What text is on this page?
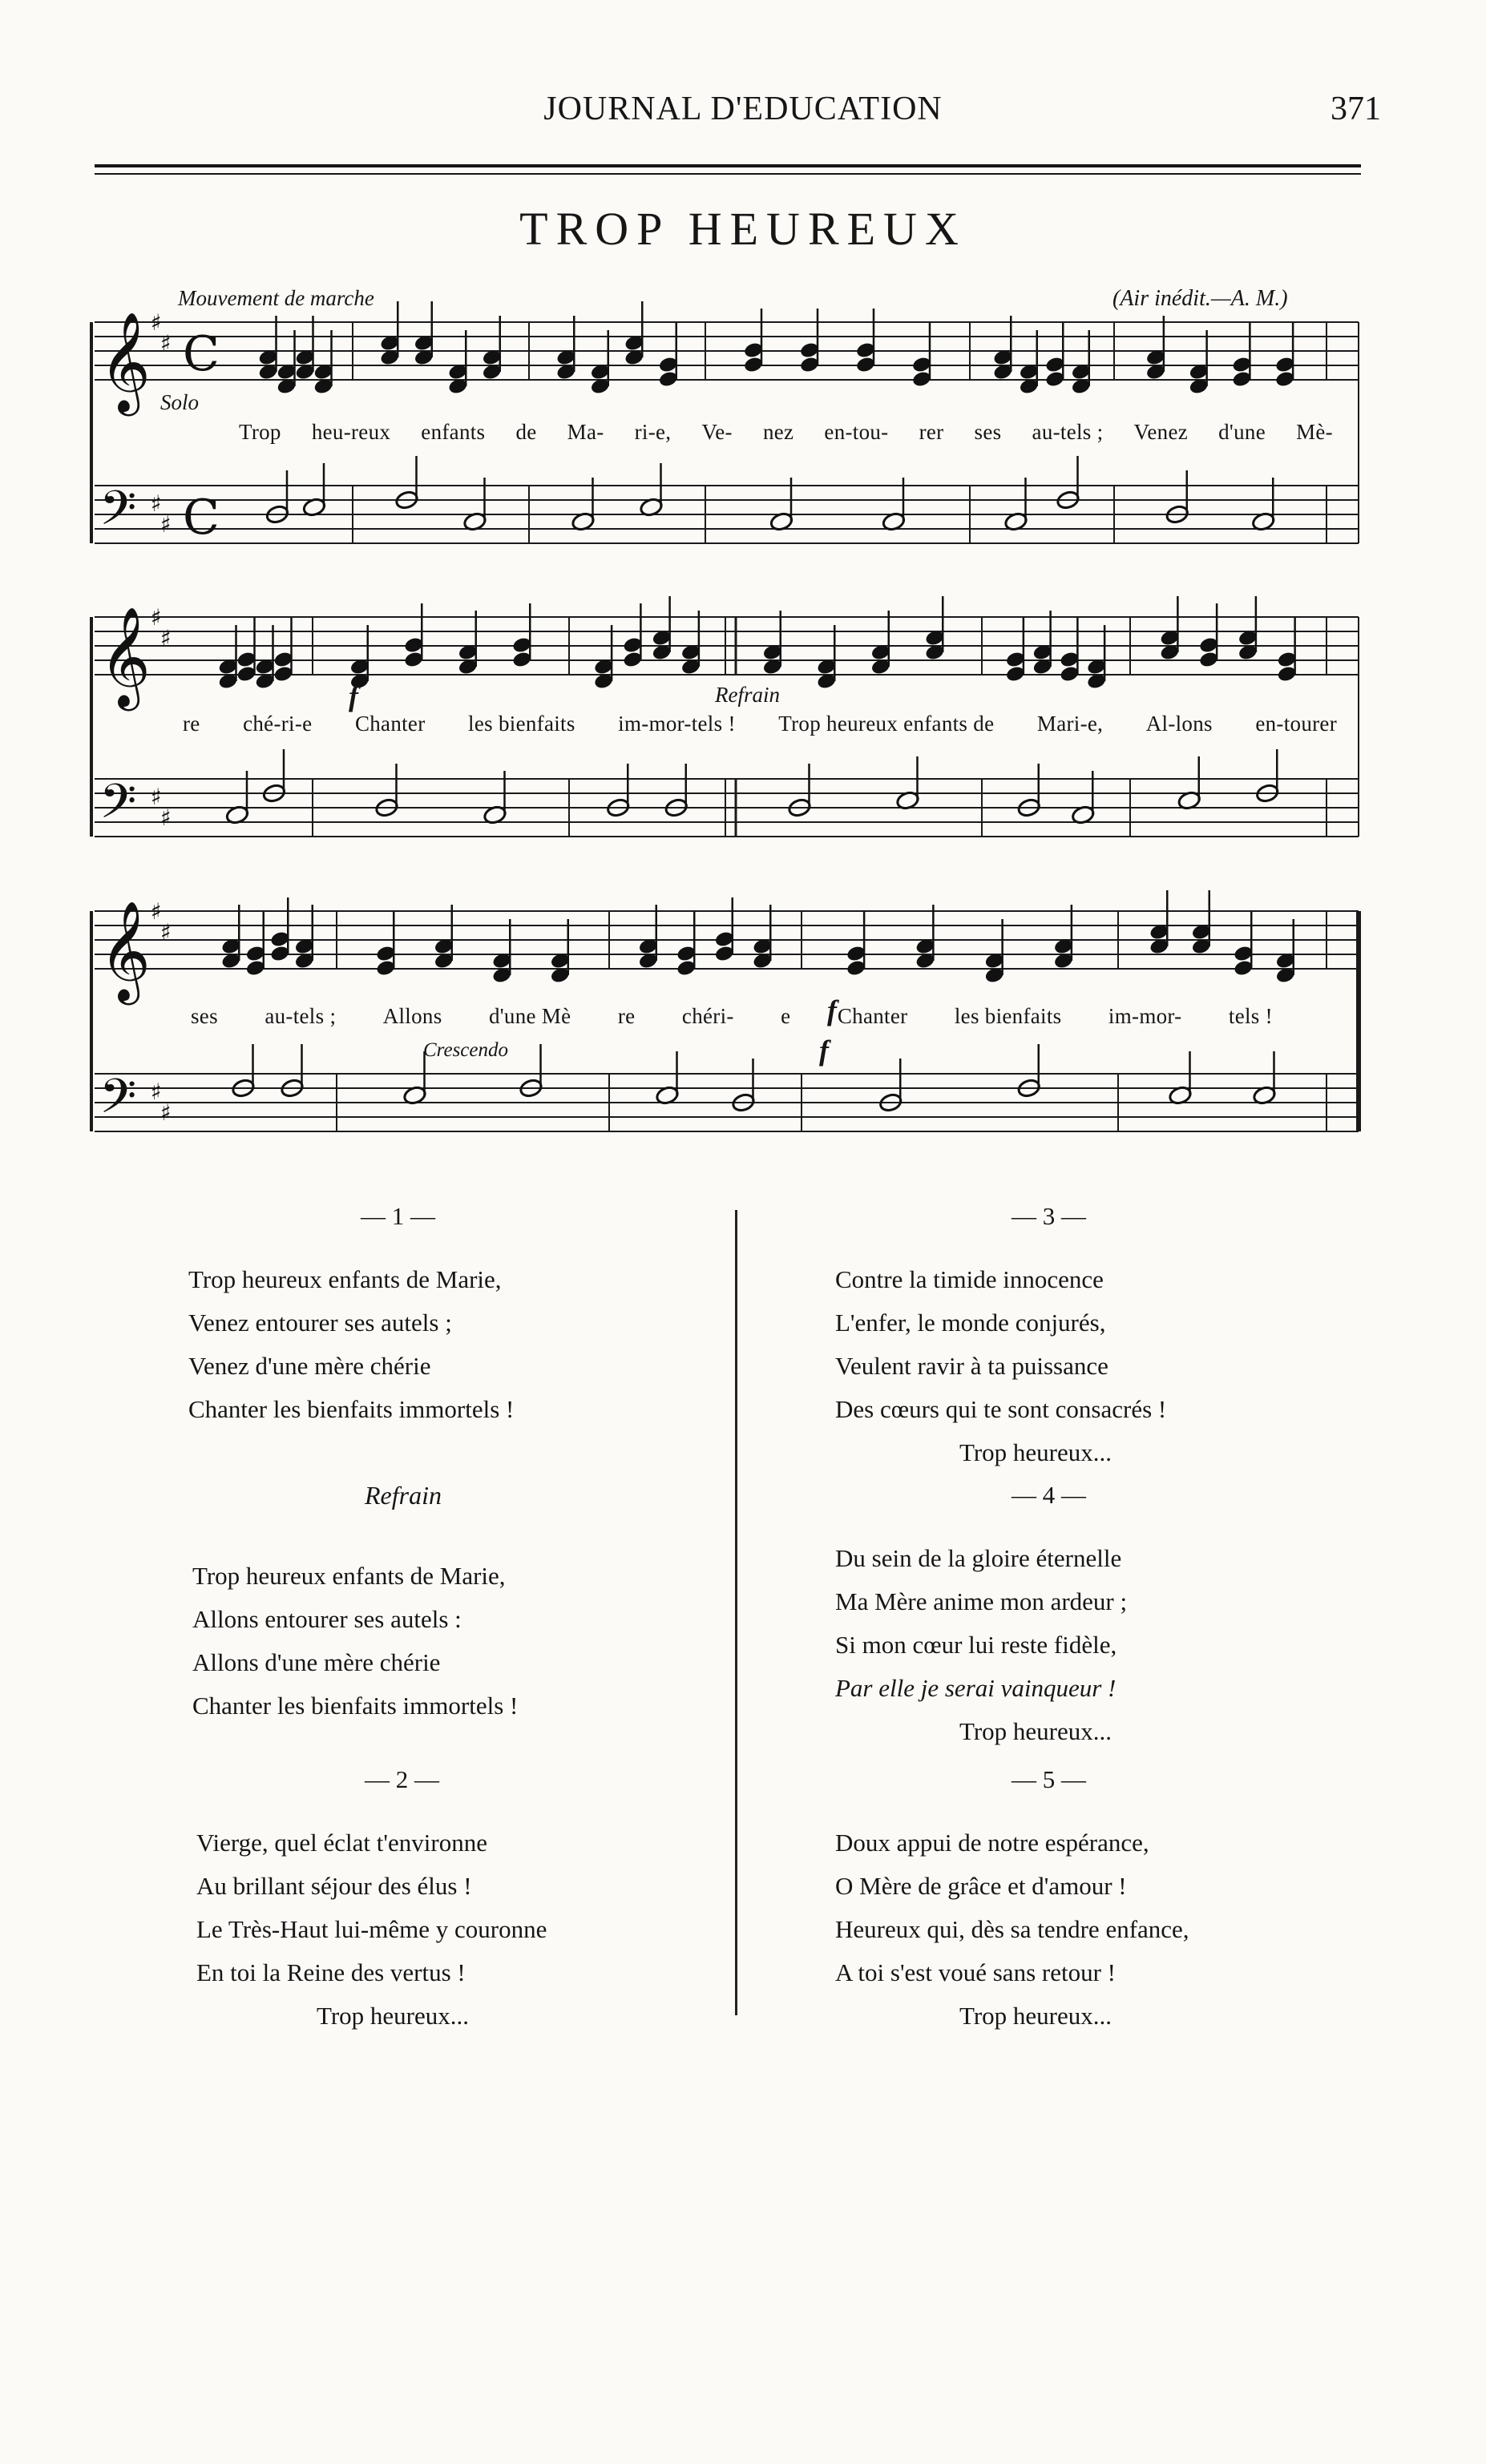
JOURNAL D'EDUCATION	371
TROP HEUREUX
Mouvement de marche	(Air inédit.—A. M.)
𝄞
𝄢
♯
♯
♯
♯
C
C
𝄞
𝄢
♯
♯
♯
♯
𝄞
𝄢
♯
♯
♯
♯
Solo
Refrain
Crescendo
f
f
f
Trop heu-reux enfants de Ma- ri-e, Ve- nez en-tou- rer ses au-tels ; Venez d'une Mè-
re ché-ri-e Chanter les bienfaits im-mor-tels ! Trop heureux enfants de Mari-e, Al-lons en-tourer
ses au-tels ; Allons d'une Mè re chéri- e Chanter les bienfaits im-mor- tels !
— 1 —
Trop heureux enfants de Marie,
Venez entourer ses autels ;
Venez d'une mère chérie
Chanter les bienfaits immortels !
Refrain
Trop heureux enfants de Marie,
Allons entourer ses autels :
Allons d'une mère chérie
Chanter les bienfaits immortels !
— 2 —
Vierge, quel éclat t'environne
Au brillant séjour des élus !
Le Très-Haut lui-même y couronne
En toi la Reine des vertus !
Trop heureux...
— 3 —
Contre la timide innocence
L'enfer, le monde conjurés,
Veulent ravir à ta puissance
Des cœurs qui te sont consacrés !
Trop heureux...
— 4 —
Du sein de la gloire éternelle
Ma Mère anime mon ardeur ;
Si mon cœur lui reste fidèle,
Par elle je serai vainqueur !
Trop heureux...
— 5 —
Doux appui de notre espérance,
O Mère de grâce et d'amour !
Heureux qui, dès sa tendre enfance,
A toi s'est voué sans retour !
Trop heureux...
